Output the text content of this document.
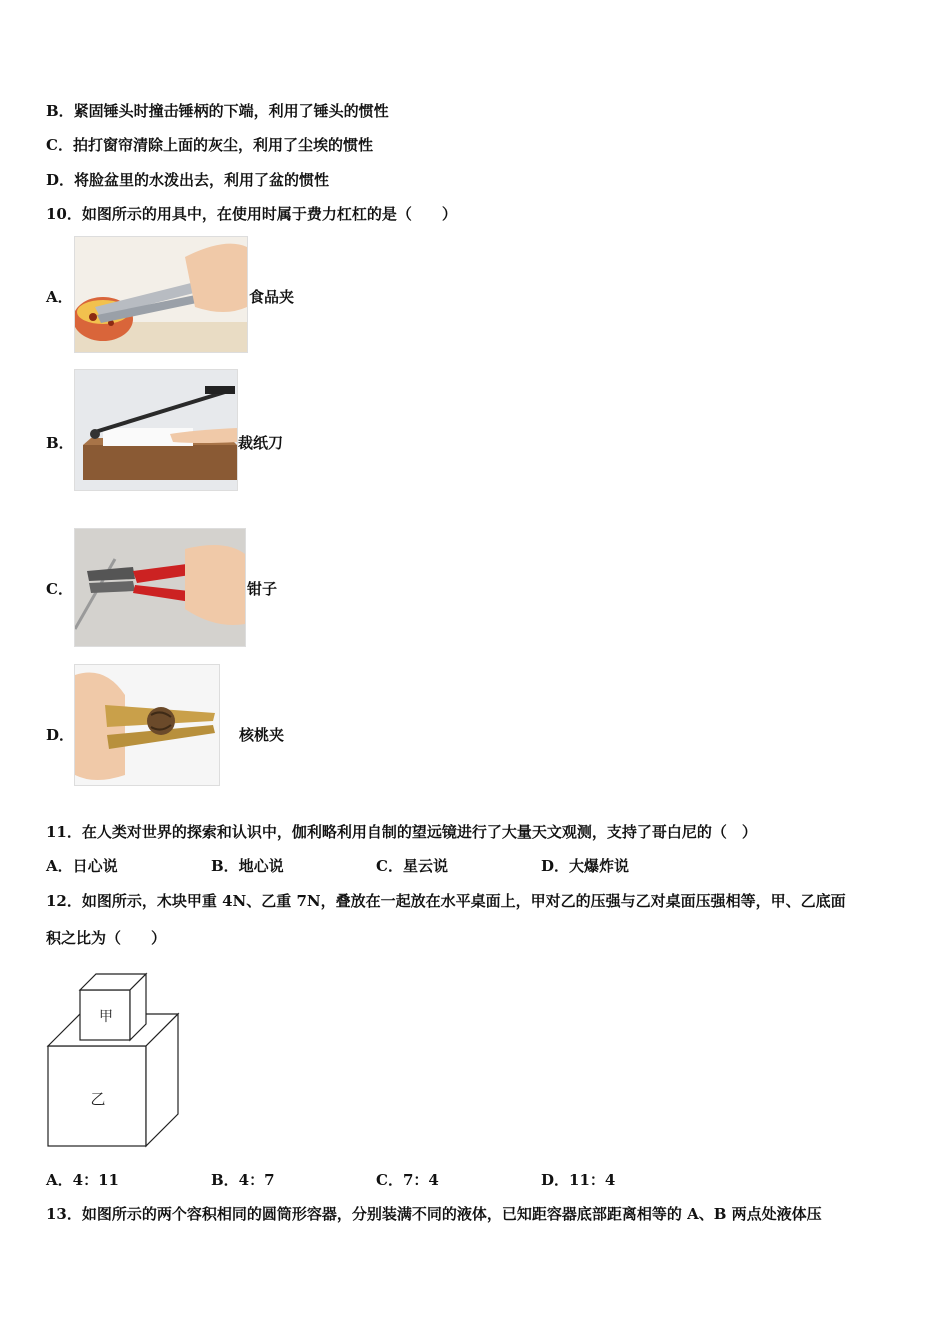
B．紧固锤头时撞击锤柄的下端，利用了锤头的惯性
C．拍打窗帘清除上面的灰尘，利用了尘埃的惯性
D．将脸盆里的水泼出去，利用了盆的惯性
10．如图所示的用具中，在使用时属于费力杠杠的是（　　）
A．	食品夹
B．	裁纸刀
C．	钳子
D．	核桃夹
11．在人类对世界的探索和认识中，伽利略利用自制的望远镜进行了大量天文观测，支持了哥白尼的（　）
A．日心说	B．地心说	C．星云说	D．大爆炸说
12．如图所示，木块甲重 4N、乙重 7N，叠放在一起放在水平桌面上，甲对乙的压强与乙对桌面压强相等，甲、乙底面
积之比为（　　）
甲
乙
A．4：11	B．4：7	C．7：4	D．11：4
13．如图所示的两个容积相同的圆筒形容器，分别装满不同的液体，已知距容器底部距离相等的 A、B 两点处液体压
